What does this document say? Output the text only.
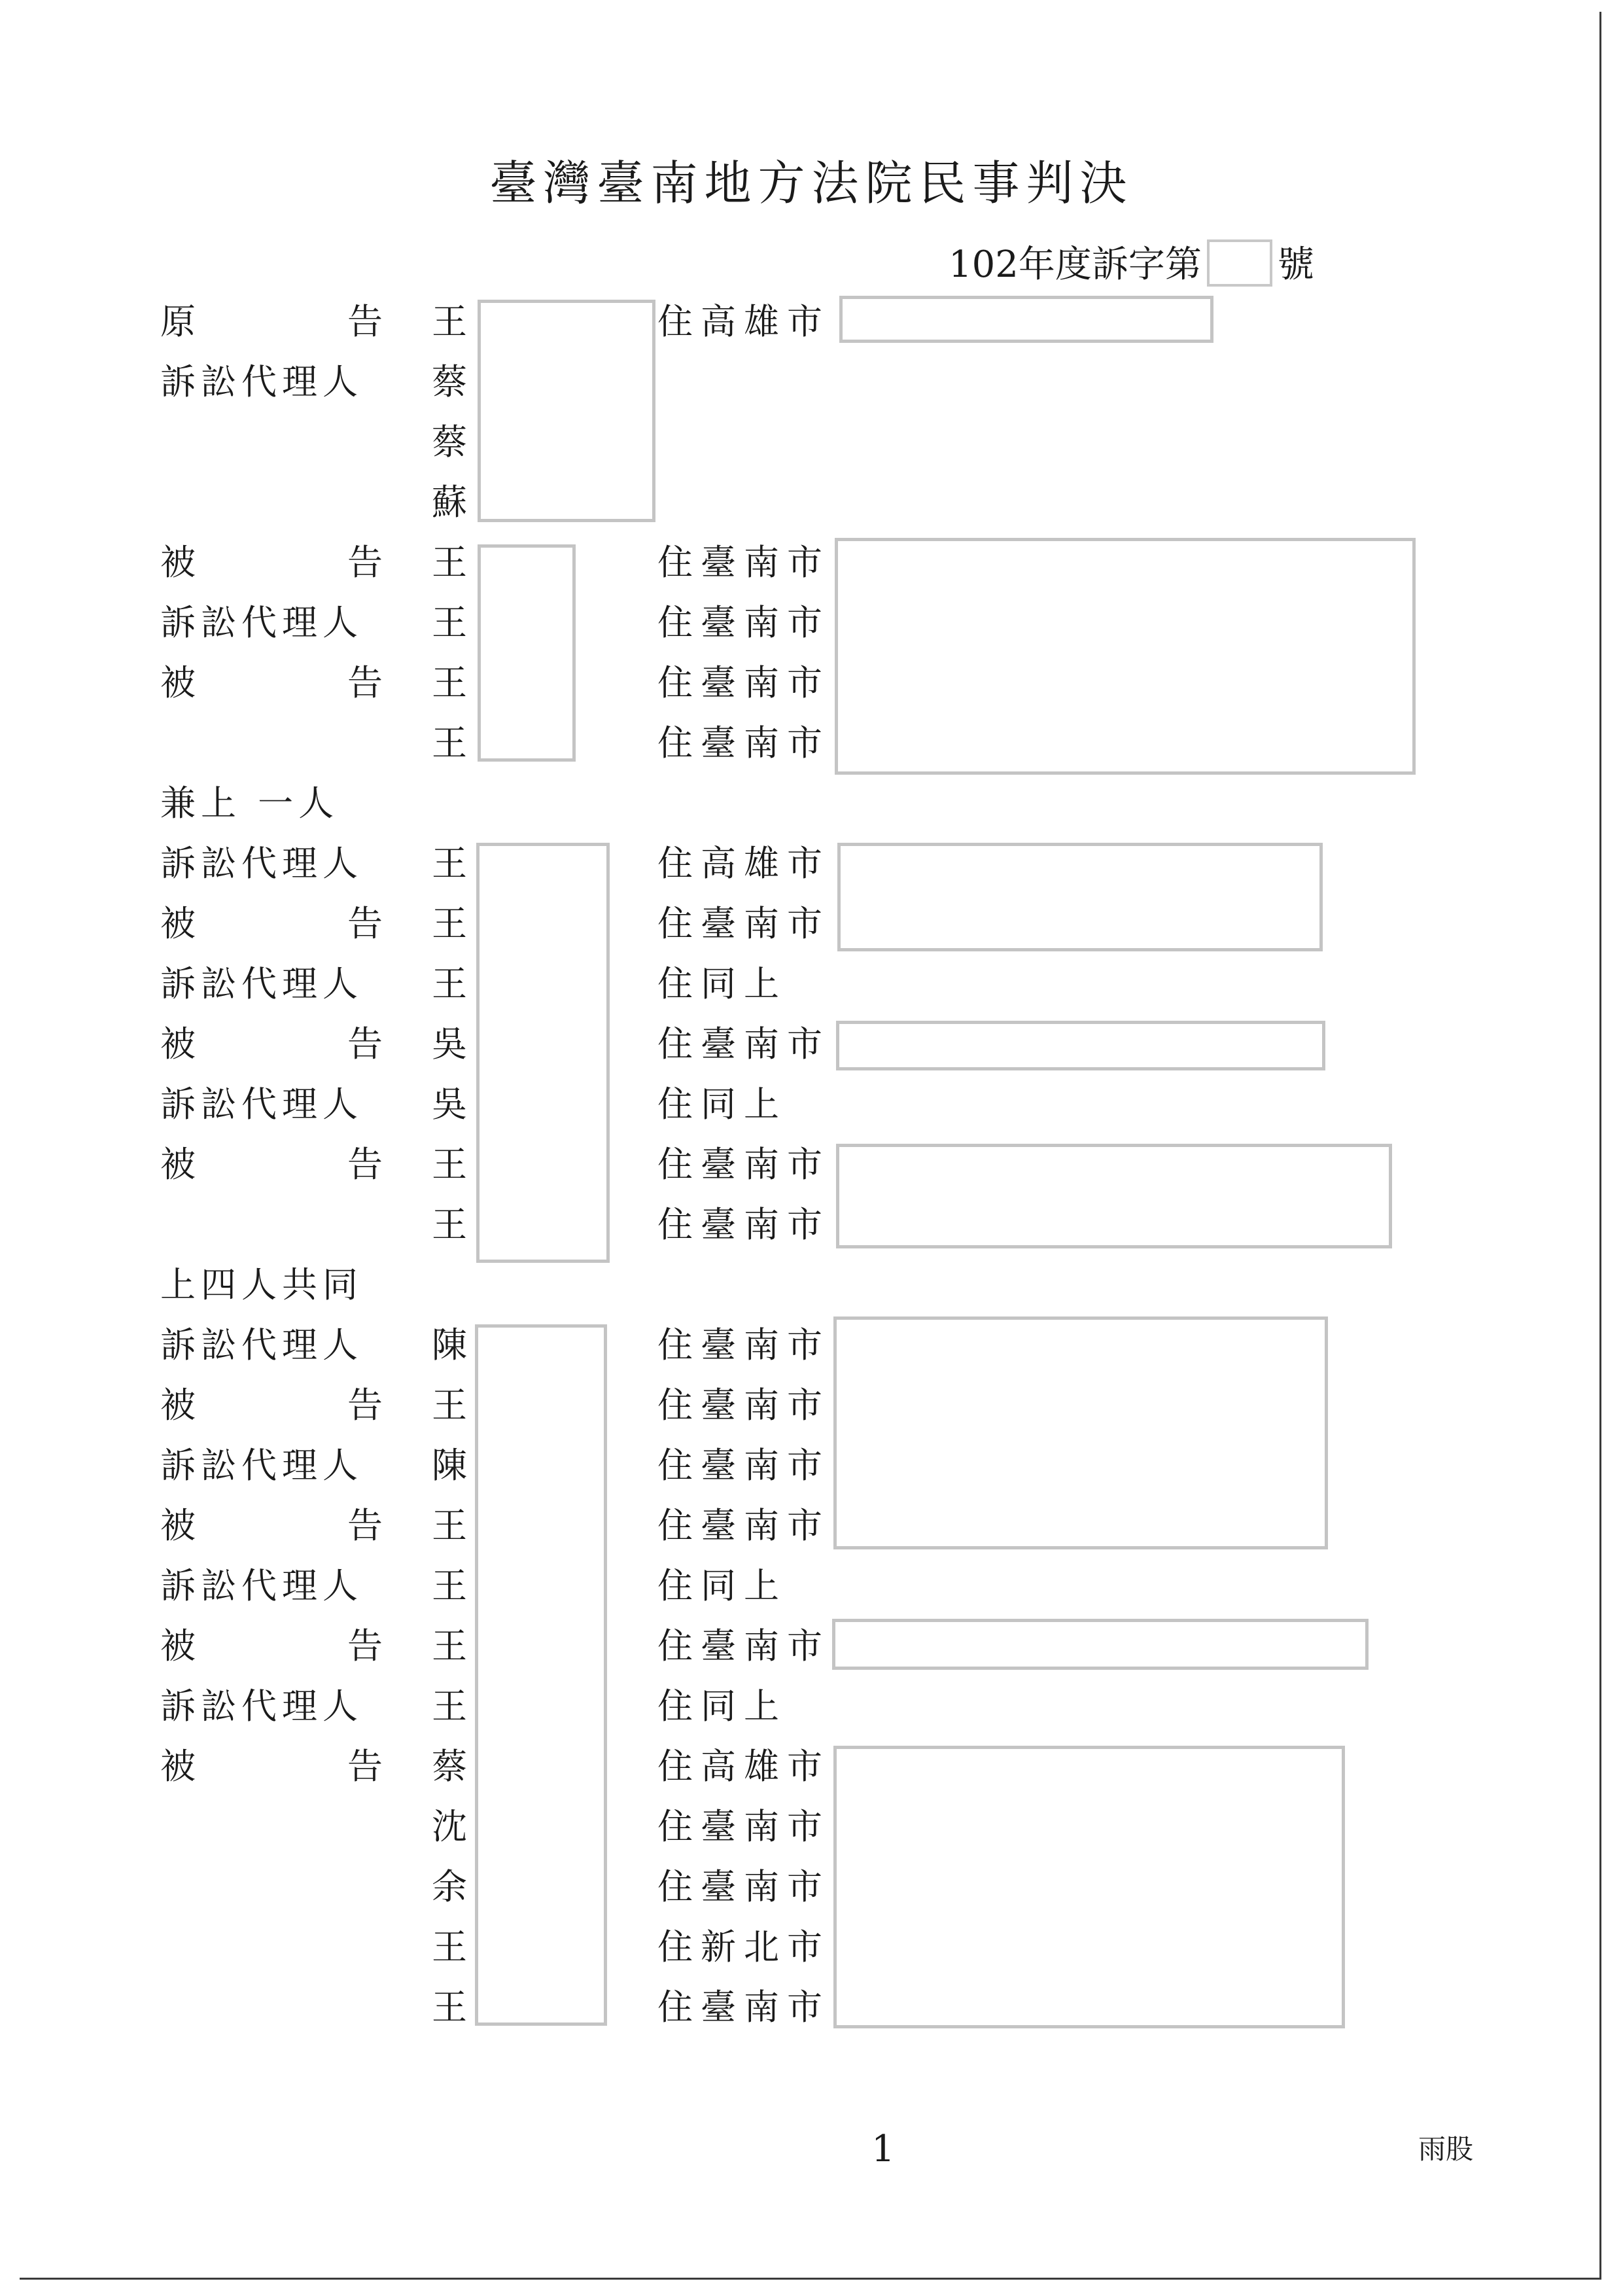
臺灣臺南地方法院民事判決
102年度訴字第 號
原	告 王	住高雄市
訴訟代理人	蔡
蔡
蘇
被	告 王	住臺南市
訴訟代理人	王	住臺南市
被	告 王	住臺南市
王	住臺南市
兼上 一人
訴訟代理人	王	住高雄市
被	告 王	住臺南市
訴訟代理人	王	住同上
被	告 吳	住臺南市
訴訟代理人	吳	住同上
被	告 王	住臺南市
王	住臺南市
上四人共同
訴訟代理人	陳	住臺南市
被	告 王	住臺南市
訴訟代理人	陳	住臺南市
被	告 王	住臺南市
訴訟代理人	王	住同上
被	告 王	住臺南市
訴訟代理人	王	住同上
被	告 蔡	住高雄市
沈	住臺南市
余	住臺南市
王	住新北市
王	住臺南市
1	雨股
